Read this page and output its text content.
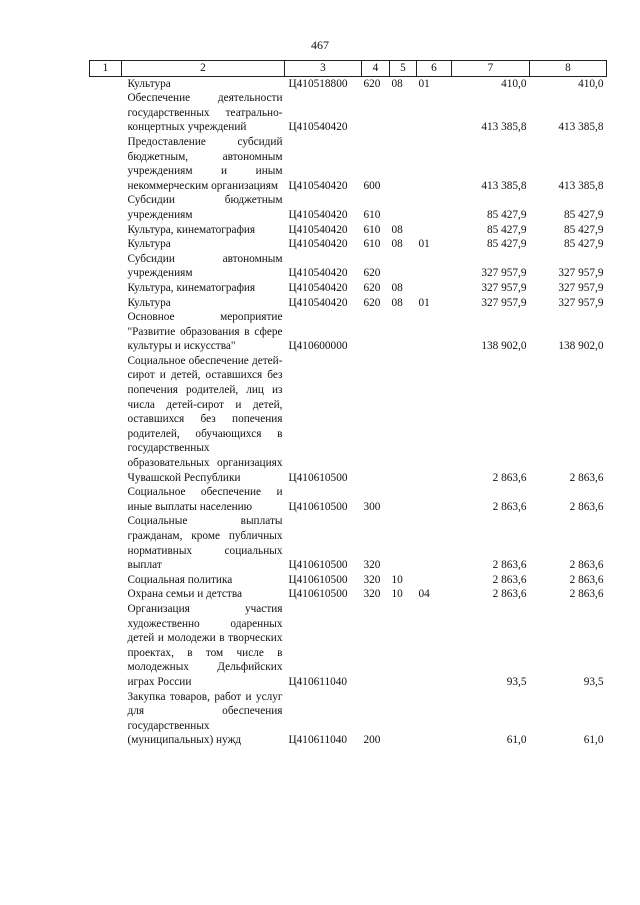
467
1	2	3	4	5	6	7	8
	Культура	Ц410518800	620	08	01	410,0	410,0
	Обеспечение деятельности государственных театрально-концертных учреждений	Ц410540420				413 385,8	413 385,8
	Предоставление субсидий бюджетным, автономным учреждениям и иным некоммерческим организациям	Ц410540420	600			413 385,8	413 385,8
	Субсидии бюджетным учреждениям	Ц410540420	610			85 427,9	85 427,9
	Культура, кинематография	Ц410540420	610	08		85 427,9	85 427,9
	Культура	Ц410540420	610	08	01	85 427,9	85 427,9
	Субсидии автономным учреждениям	Ц410540420	620			327 957,9	327 957,9
	Культура, кинематография	Ц410540420	620	08		327 957,9	327 957,9
	Культура	Ц410540420	620	08	01	327 957,9	327 957,9
	Основное мероприятие "Развитие образования в сфере культуры и искусства"	Ц410600000				138 902,0	138 902,0
	Социальное обеспечение детей-сирот и детей, оставшихся без попечения родителей, лиц из числа детей-сирот и детей, оставшихся без попечения родителей, обучающихся в государственных образовательных организациях Чувашской Республики	Ц410610500				2 863,6	2 863,6
	Социальное обеспечение и иные выплаты населению	Ц410610500	300			2 863,6	2 863,6
	Социальные выплаты гражданам, кроме публичных нормативных социальных выплат	Ц410610500	320			2 863,6	2 863,6
	Социальная политика	Ц410610500	320	10		2 863,6	2 863,6
	Охрана семьи и детства	Ц410610500	320	10	04	2 863,6	2 863,6
	Организация участия художественно одаренных детей и молодежи в творческих проектах, в том числе в молодежных Дельфийских играх России	Ц410611040				93,5	93,5
	Закупка товаров, работ и услуг для обеспечения государственных (муниципальных) нужд	Ц410611040	200			61,0	61,0
